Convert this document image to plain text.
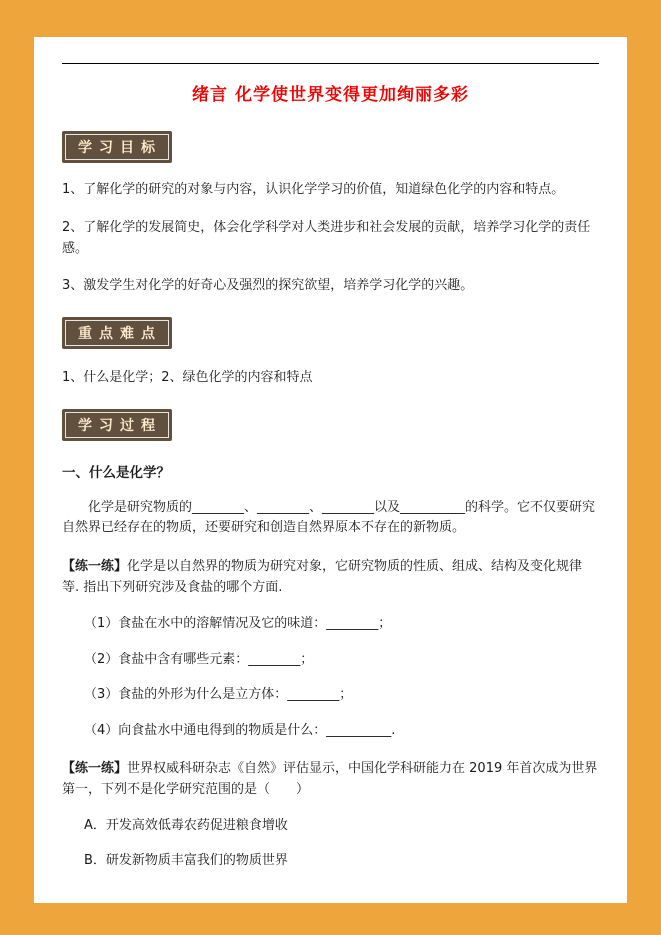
绪言 化学使世界变得更加绚丽多彩
学习目标

1、了解化学的研究的对象与内容，认识化学学习的价值，知道绿色化学的内容和特点。

2、了解化学的发展简史，体会化学科学对人类进步和社会发展的贡献，培养学习化学的责任感。

3、激发学生对化学的好奇心及强烈的探究欲望，培养学习化学的兴趣。

重点难点

1、什么是化学；2、绿色化学的内容和特点

学习过程

一、什么是化学？

化学是研究物质的________、________、________以及__________的科学。它不仅要研究自然界已经存在的物质，还要研究和创造自然界原本不存在的新物质。

【练一练】化学是以自然界的物质为研究对象，它研究物质的性质、组成、结构及变化规律等. 指出下列研究涉及食盐的哪个方面.

（1）食盐在水中的溶解情况及它的味道：________；

（2）食盐中含有哪些元素：________；

（3）食盐的外形为什么是立方体：________；

（4）向食盐水中通电得到的物质是什么：__________.

【练一练】世界权威科研杂志《自然》评估显示，中国化学科研能力在 2019 年首次成为世界第一，下列不是化学研究范围的是（　　）

A．开发高效低毒农药促进粮食增收

B．研发新物质丰富我们的物质世界
